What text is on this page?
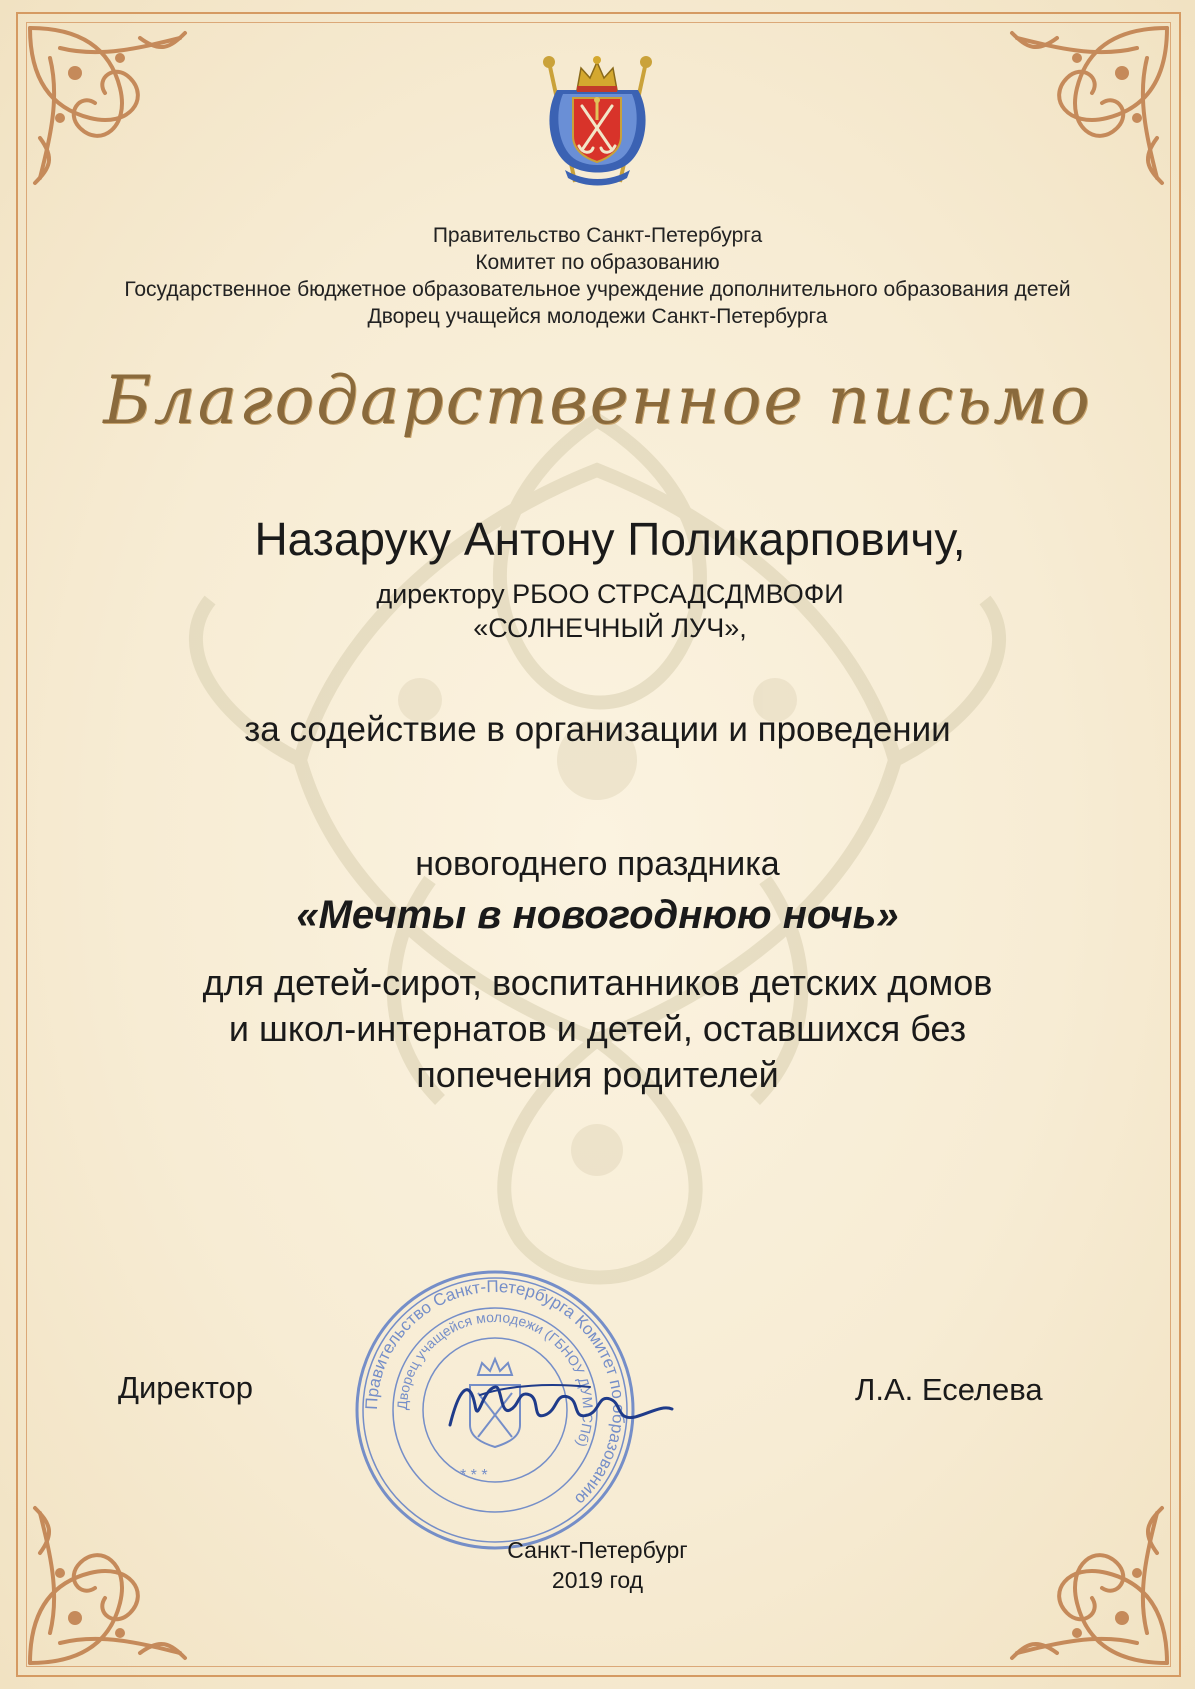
Правительство Санкт-Петербурга
Комитет по образованию
Государственное бюджетное образовательное учреждение дополнительного образования детей
Дворец учащейся молодежи Санкт-Петербурга
Благодарственное письмо
Назаруку Антону Поликарповичу,
директору РБОО СТРСАДСДМВОФИ
«СОЛНЕЧНЫЙ ЛУЧ»,
за содействие в организации и проведении
новогоднего праздника
«Мечты в новогоднюю ночь»
для детей-сирот, воспитанников детских домов
и школ-интернатов и детей, оставшихся без
попечения родителей
Правительство Санкт-Петербурга Комитет по образованию
Дворец учащейся молодежи (ГБНОУ ДУМ СПб)
* * *
Директор	Л.А. Еселева
Санкт-Петербург
2019 год
